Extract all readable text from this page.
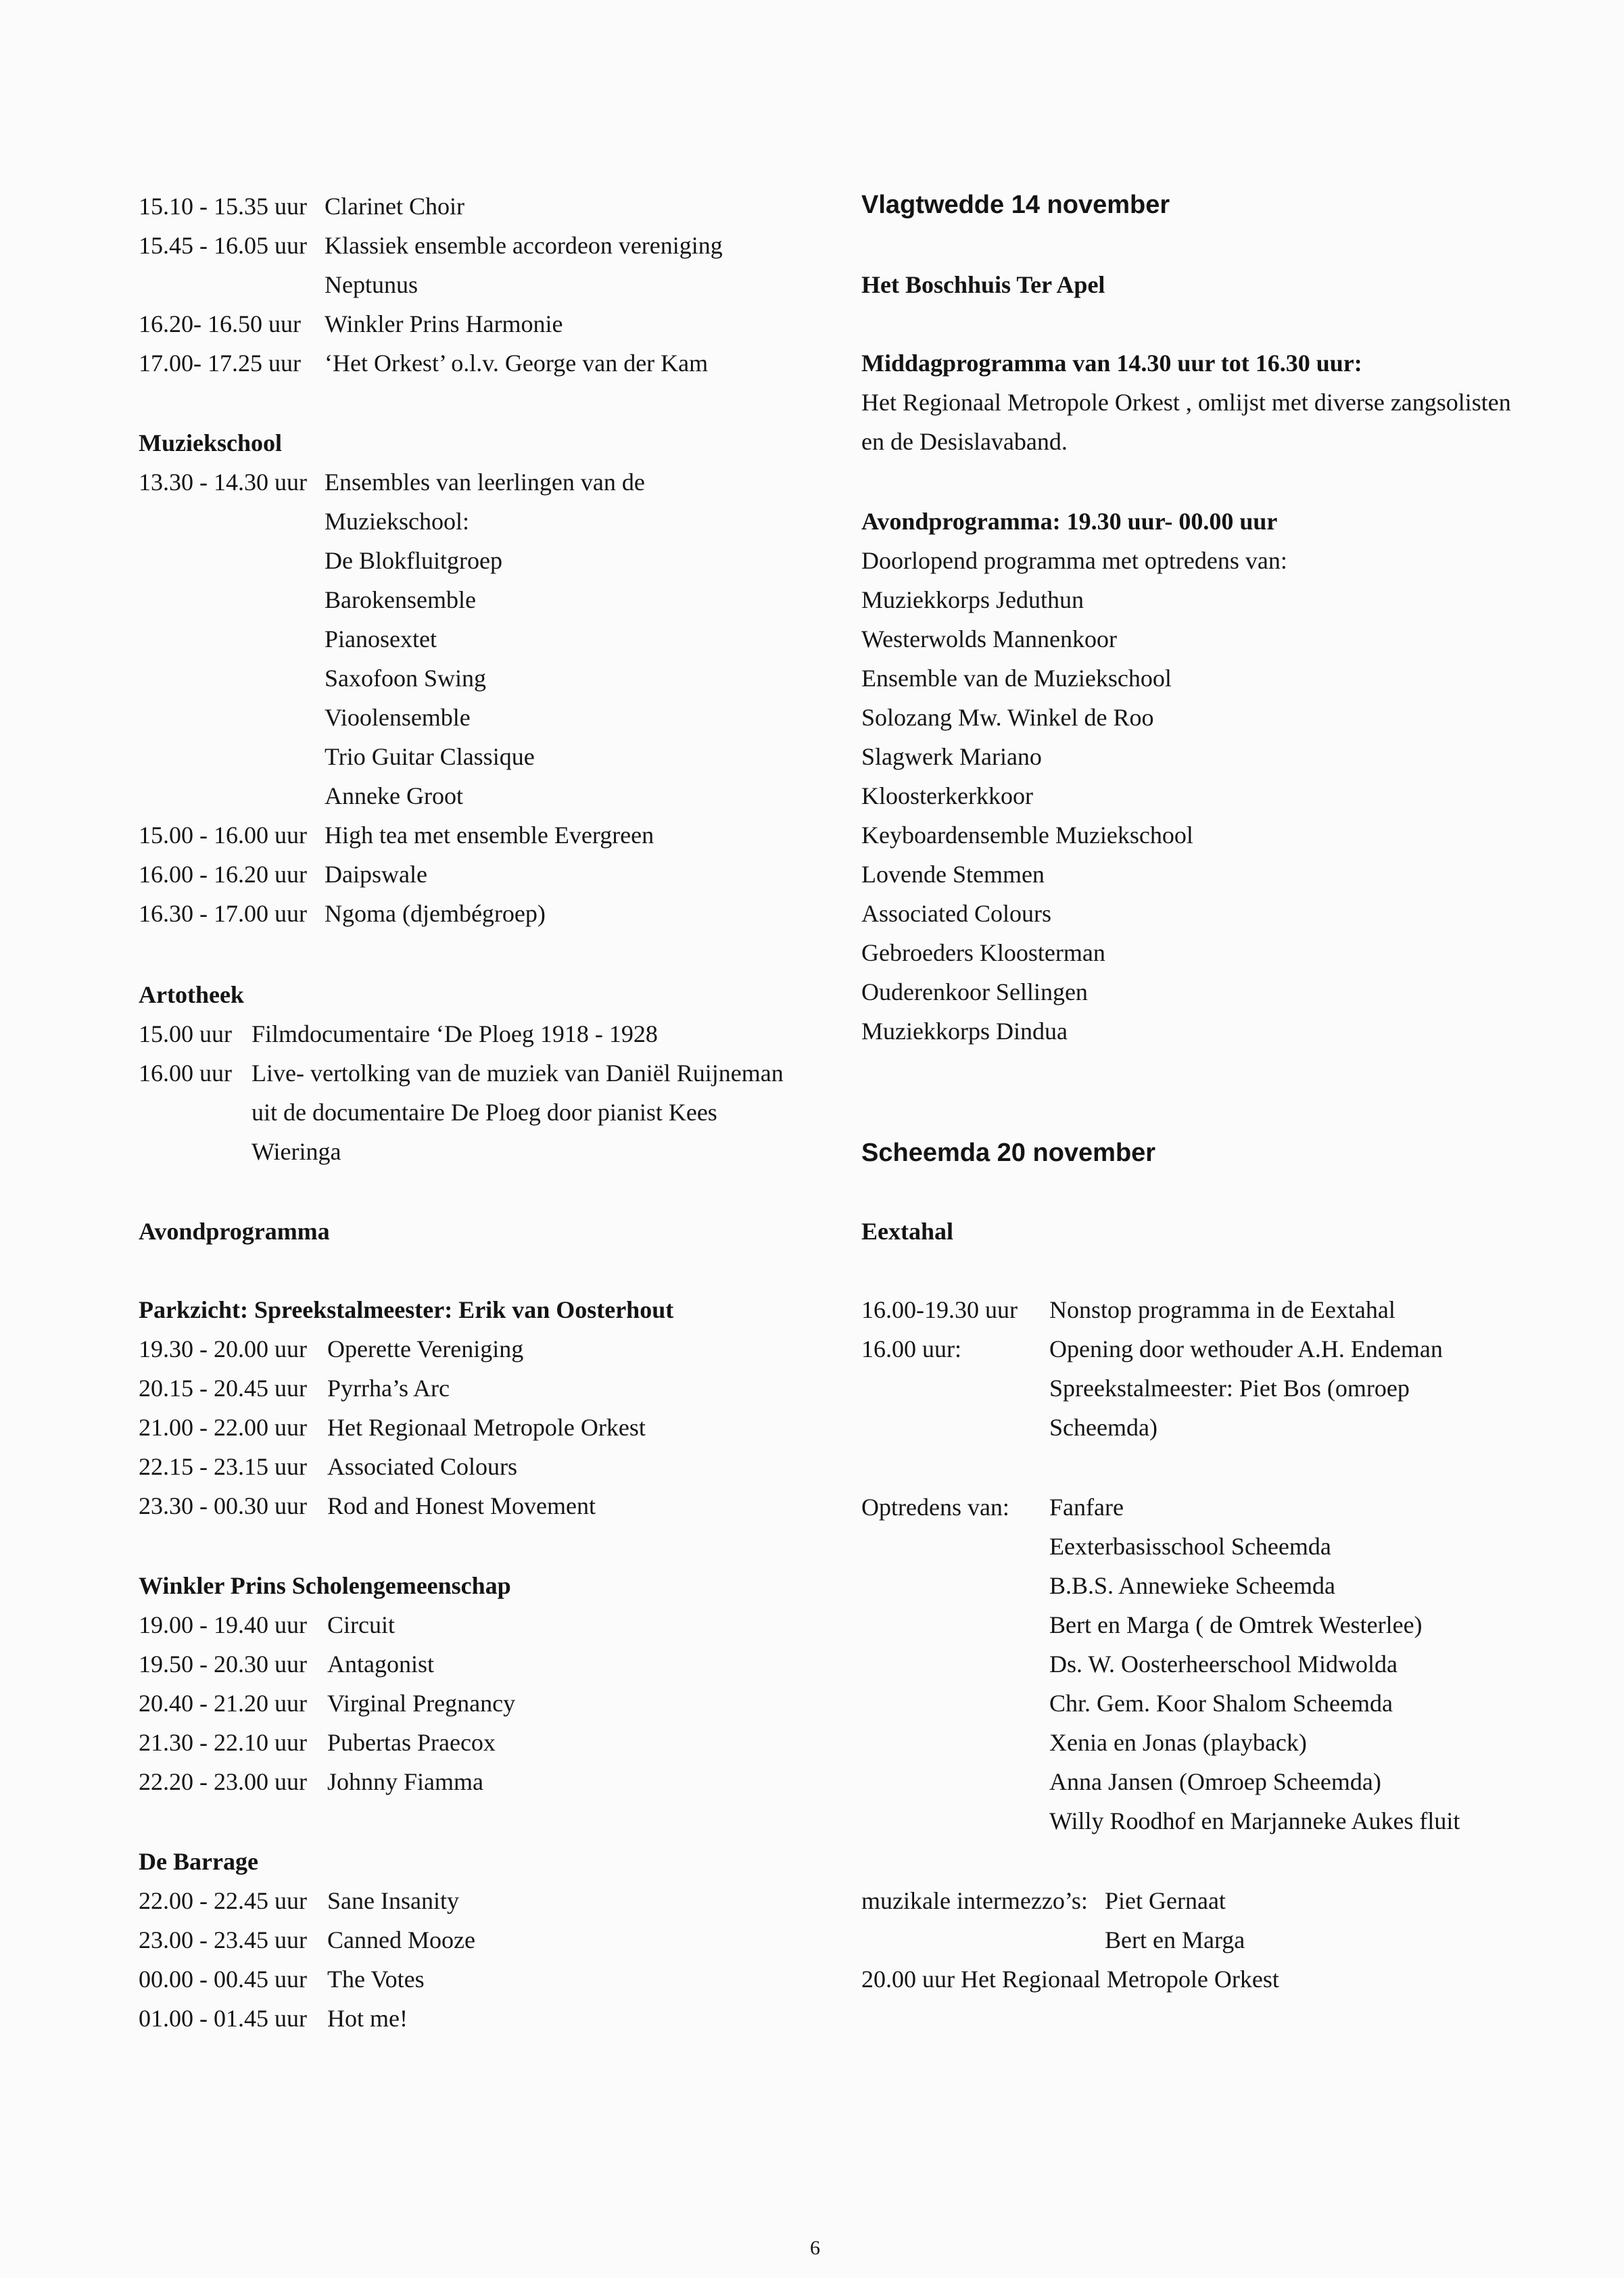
15.10 - 15.35 uur Clarinet Choir
15.45 - 16.05 uur Klassiek ensemble accordeon vereniging
Neptunus
16.20- 16.50 uur Winkler Prins Harmonie
17.00- 17.25 uur ‘Het Orkest’ o.l.v. George van der Kam
Muziekschool
13.30 - 14.30 uur Ensembles van leerlingen van de
Muziekschool:
De Blokfluitgroep
Barokensemble
Pianosextet
Saxofoon Swing
Vioolensemble
Trio Guitar Classique
Anneke Groot
15.00 - 16.00 uur High tea met ensemble Evergreen
16.00 - 16.20 uur Daipswale
16.30 - 17.00 uur Ngoma (djembégroep)
Artotheek
15.00 uur Filmdocumentaire ‘De Ploeg 1918 - 1928
16.00 uur Live- vertolking van de muziek van Daniël Ruijneman
uit de documentaire De Ploeg door pianist Kees
Wieringa
Avondprogramma
Parkzicht: Spreekstalmeester: Erik van Oosterhout
19.30 - 20.00 uur Operette Vereniging
20.15 - 20.45 uur Pyrrha’s Arc
21.00 - 22.00 uur Het Regionaal Metropole Orkest
22.15 - 23.15 uur Associated Colours
23.30 - 00.30 uur Rod and Honest Movement
Winkler Prins Scholengemeenschap
19.00 - 19.40 uur Circuit
19.50 - 20.30 uur Antagonist
20.40 - 21.20 uur Virginal Pregnancy
21.30 - 22.10 uur Pubertas Praecox
22.20 - 23.00 uur Johnny Fiamma
De Barrage
22.00 - 22.45 uur Sane Insanity
23.00 - 23.45 uur Canned Mooze
00.00 - 00.45 uur The Votes
01.00 - 01.45 uur Hot me!
Vlagtwedde 14 november
Het Boschhuis Ter Apel
Middagprogramma van 14.30 uur tot 16.30 uur:
Het Regionaal Metropole Orkest , omlijst met diverse zangsolisten
en de Desislavaband.
Avondprogramma: 19.30 uur- 00.00 uur
Doorlopend programma met optredens van:
Muziekkorps Jeduthun
Westerwolds Mannenkoor
Ensemble van de Muziekschool
Solozang Mw. Winkel de Roo
Slagwerk Mariano
Kloosterkerkkoor
Keyboardensemble Muziekschool
Lovende Stemmen
Associated Colours
Gebroeders Kloosterman
Ouderenkoor Sellingen
Muziekkorps Dindua
Scheemda 20 november
Eextahal
16.00-19.30 uur Nonstop programma in de Eextahal
16.00 uur:	Opening door wethouder A.H. Endeman
Spreekstalmeester: Piet Bos (omroep
Scheemda)
Optredens van: Fanfare
Eexterbasisschool Scheemda
B.B.S. Annewieke Scheemda
Bert en Marga ( de Omtrek Westerlee)
Ds. W. Oosterheerschool Midwolda
Chr. Gem. Koor Shalom Scheemda
Xenia en Jonas (playback)
Anna Jansen (Omroep Scheemda)
Willy Roodhof en Marjanneke Aukes fluit
muzikale intermezzo’s: Piet Gernaat
Bert en Marga
20.00 uur Het Regionaal Metropole Orkest
6
